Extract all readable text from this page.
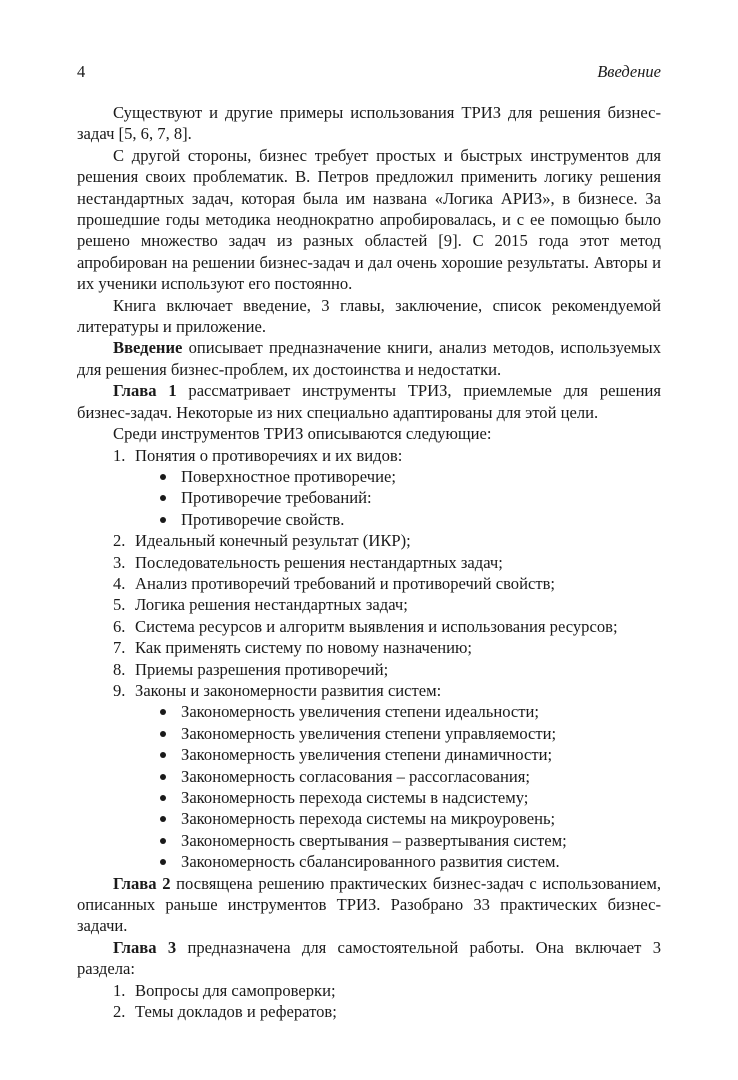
4	Введение

Существуют и другие примеры использования ТРИЗ для решения бизнес-задач [5, 6, 7, 8].

С другой стороны, бизнес требует простых и быстрых инструментов для решения своих проблематик. В. Петров предложил применить логику решения нестандартных задач, которая была им названа «Логика АРИЗ», в бизнесе. За прошедшие годы методика неоднократно апробировалась, и с ее помощью было решено множество задач из разных областей [9]. С 2015 года этот метод апробирован на решении бизнес-задач и дал очень хорошие результаты. Авторы и их ученики используют его постоянно.

Книга включает введение, 3 главы, заключение, список рекомендуемой литературы и приложение.

Введение описывает предназначение книги, анализ методов, используемых для решения бизнес-проблем, их достоинства и недостатки.

Глава 1 рассматривает инструменты ТРИЗ, приемлемые для решения бизнес-задач. Некоторые из них специально адаптированы для этой цели.

Среди инструментов ТРИЗ описываются следующие:

1. Понятия о противоречиях и их видов:
Поверхностное противоречие;
Противоречие требований:
Противоречие свойств.
2. Идеальный конечный результат (ИКР);
3. Последовательность решения нестандартных задач;
4. Анализ противоречий требований и противоречий свойств;
5. Логика решения нестандартных задач;
6. Система ресурсов и алгоритм выявления и использования ресурсов;
7. Как применять систему по новому назначению;
8. Приемы разрешения противоречий;
9. Законы и закономерности развития систем:
Закономерность увеличения степени идеальности;
Закономерность увеличения степени управляемости;
Закономерность увеличения степени динамичности;
Закономерность согласования – рассогласования;
Закономерность перехода системы в надсистему;
Закономерность перехода системы на микроуровень;
Закономерность свертывания – развертывания систем;
Закономерность сбалансированного развития систем.

Глава 2 посвящена решению практических бизнес-задач с использованием, описанных раньше инструментов ТРИЗ. Разобрано 33 практических бизнес-задачи.

Глава 3 предназначена для самостоятельной работы. Она включает 3 раздела:

1. Вопросы для самопроверки;
2. Темы докладов и рефератов;
